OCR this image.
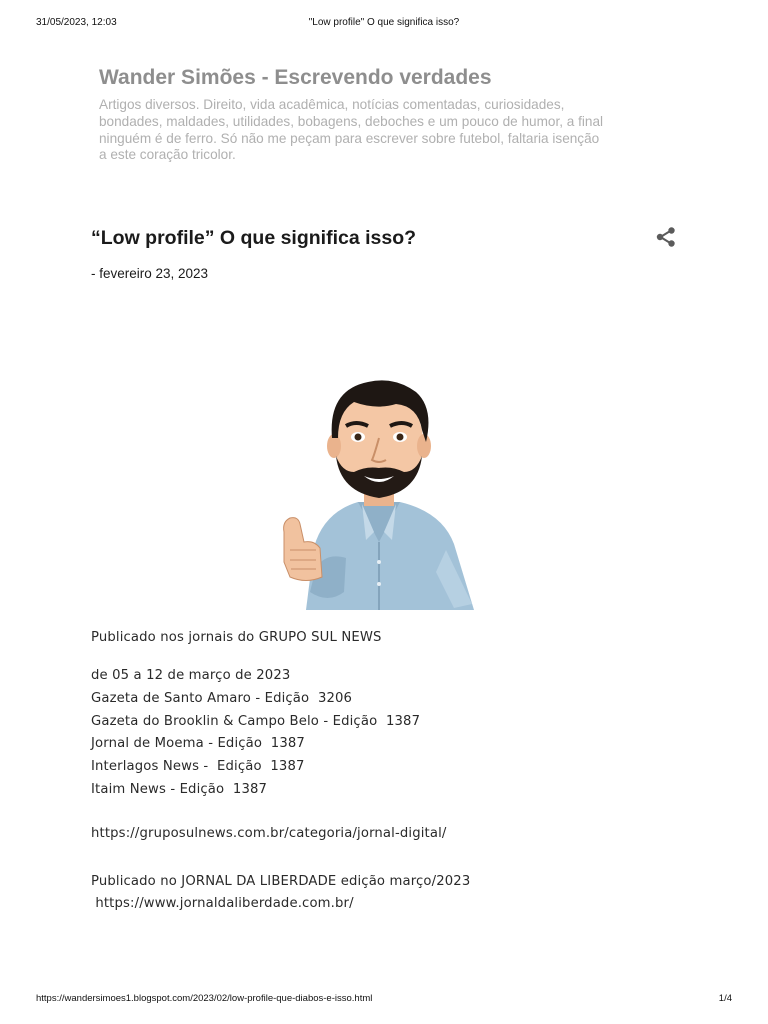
31/05/2023, 12:03	"Low profile" O que significa isso?
Wander Simões - Escrevendo verdades
Artigos diversos. Direito, vida acadêmica, notícias comentadas, curiosidades,
bondades, maldades, utilidades, bobagens, deboches e um pouco de humor, a final
ninguém é de ferro. Só não me peçam para escrever sobre futebol, faltaria isenção
a este coração tricolor.
“Low profile” O que significa isso?
- fevereiro 23, 2023

Publicado nos jornais do GRUPO SUL NEWS

de 05 a 12 de março de 2023

Gazeta de Santo Amaro - Edição  3206

Gazeta do Brooklin & Campo Belo - Edição  1387

Jornal de Moema - Edição  1387

Interlagos News -  Edição  1387

Itaim News - Edição  1387

https://gruposulnews.com.br/categoria/jornal-digital/

Publicado no JORNAL DA LIBERDADE edição março/2023

https://www.jornaldaliberdade.com.br/

https://wandersimoes1.blogspot.com/2023/02/low-profile-que-diabos-e-isso.html	1/4
